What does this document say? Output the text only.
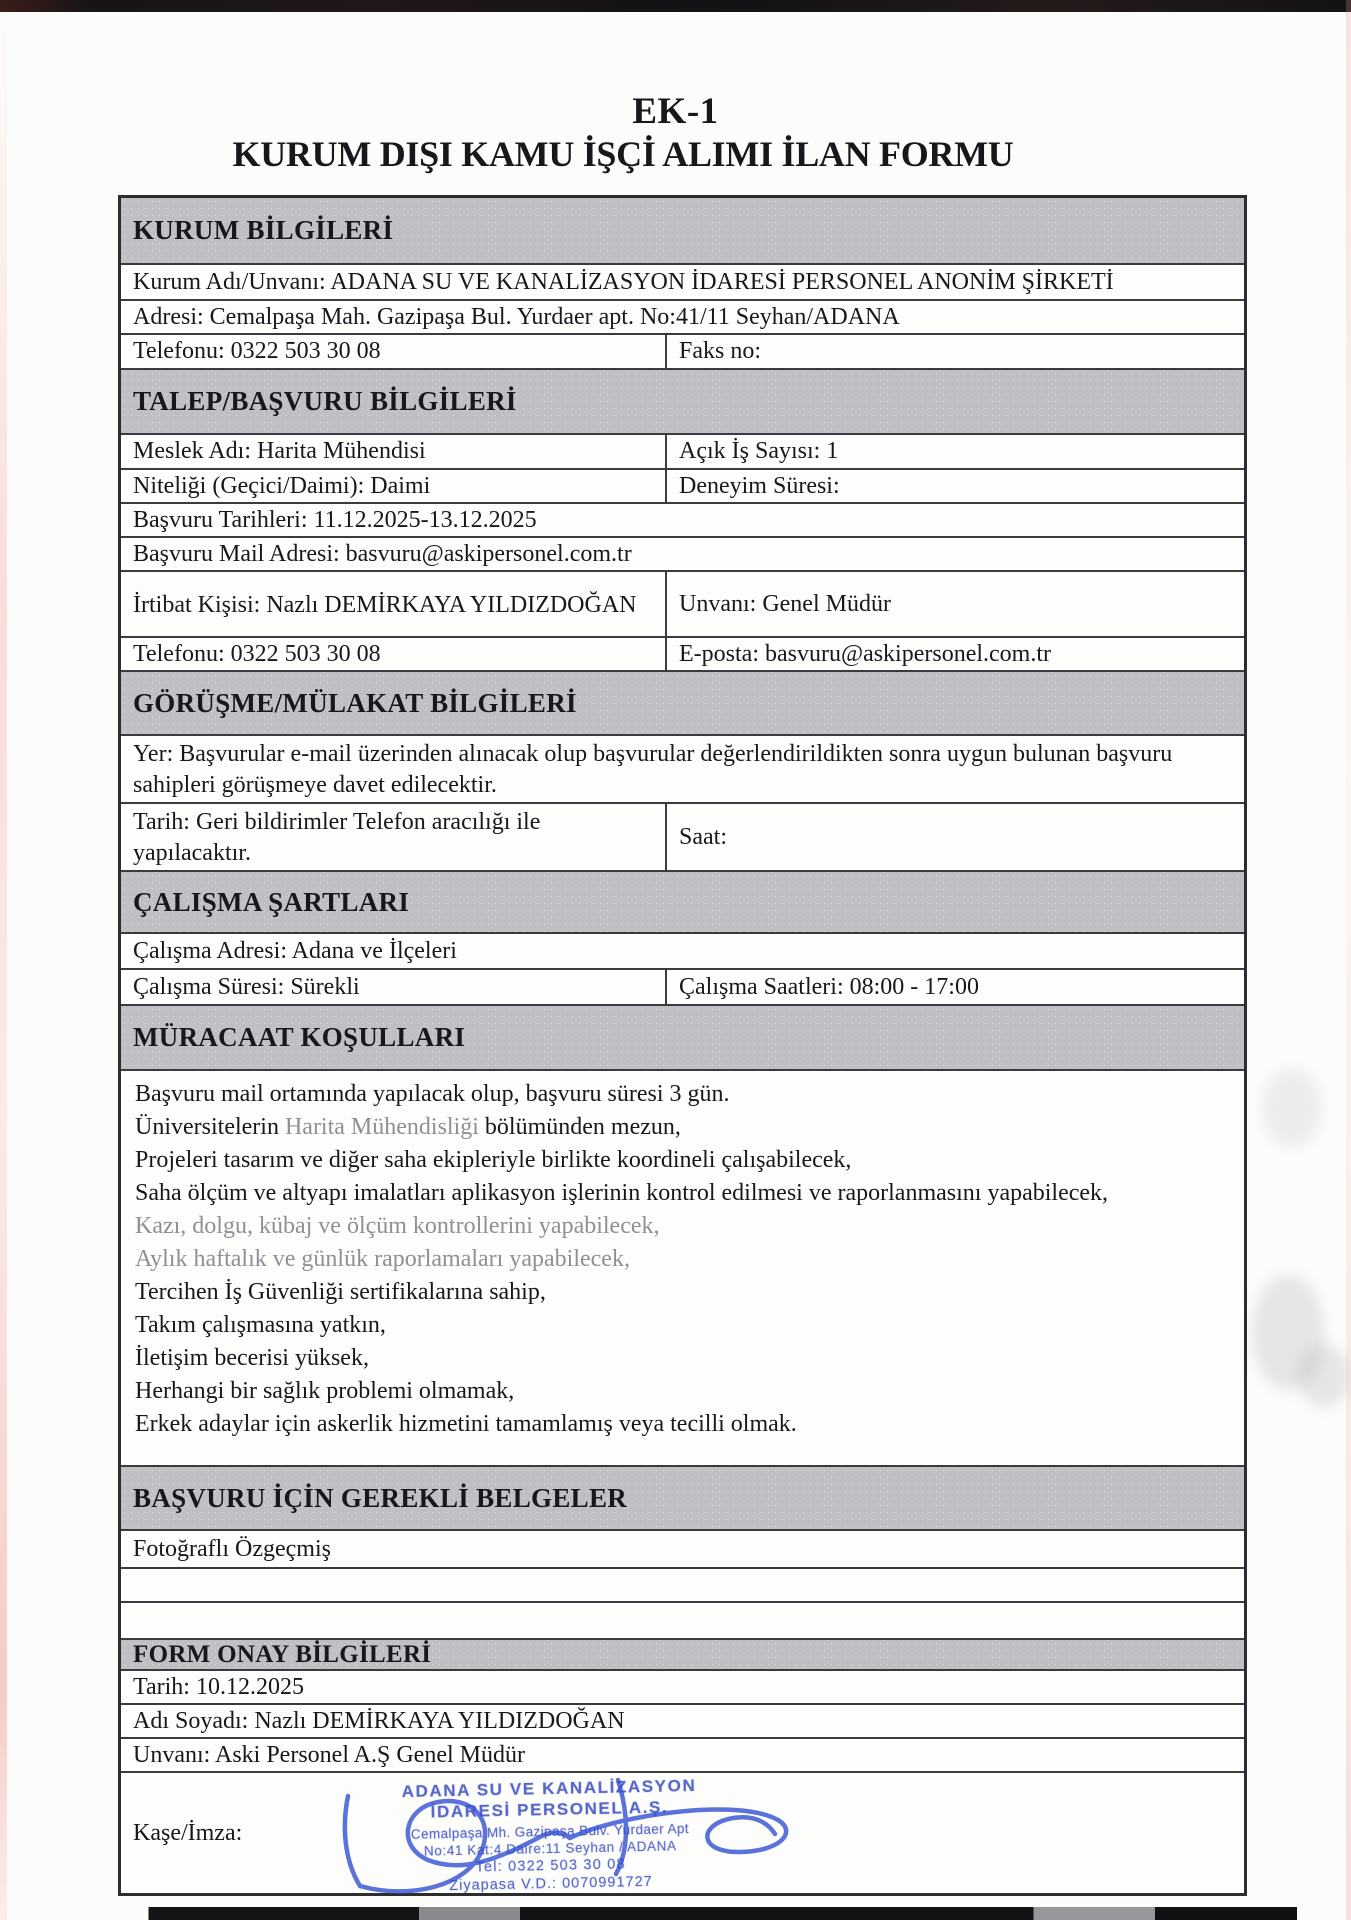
EK-1
KURUM DIŞI KAMU İŞÇİ ALIMI İLAN FORMU
KURUM BİLGİLERİ
Kurum Adı/Unvanı: ADANA SU VE KANALİZASYON İDARESİ PERSONEL ANONİM ŞİRKETİ
Adresi: Cemalpaşa Mah. Gazipaşa Bul. Yurdaer apt. No:41/11 Seyhan/ADANA
Telefonu: 0322 503 30 08	Faks no:
TALEP/BAŞVURU BİLGİLERİ
Meslek Adı: Harita Mühendisi	Açık İş Sayısı: 1
Niteliği (Geçici/Daimi): Daimi	Deneyim Süresi:
Başvuru Tarihleri: 11.12.2025-13.12.2025
Başvuru Mail Adresi: basvuru@askipersonel.com.tr
İrtibat Kişisi: Nazlı DEMİRKAYA YILDIZDOĞAN	Unvanı: Genel Müdür
Telefonu: 0322 503 30 08	E-posta: basvuru@askipersonel.com.tr
GÖRÜŞME/MÜLAKAT BİLGİLERİ
Yer: Başvurular e-mail üzerinden alınacak olup başvurular değerlendirildikten sonra uygun bulunan başvuru sahipleri görüşmeye davet edilecektir.
Tarih: Geri bildirimler Telefon aracılığı ile yapılacaktır.
Saat:
ÇALIŞMA ŞARTLARI
Çalışma Adresi: Adana ve İlçeleri
Çalışma Süresi: Sürekli	Çalışma Saatleri: 08:00 - 17:00
MÜRACAAT KOŞULLARI
Başvuru mail ortamında yapılacak olup, başvuru süresi 3 gün.
Üniversitelerin Harita Mühendisliği bölümünden mezun,
Projeleri tasarım ve diğer saha ekipleriyle birlikte koordineli çalışabilecek,
Saha ölçüm ve altyapı imalatları aplikasyon işlerinin kontrol edilmesi ve raporlanmasını yapabilecek,
Kazı, dolgu, kübaj ve ölçüm kontrollerini yapabilecek,
Aylık haftalık ve günlük raporlamaları yapabilecek,
Tercihen İş Güvenliği sertifikalarına sahip,
Takım çalışmasına yatkın,
İletişim becerisi yüksek,
Herhangi bir sağlık problemi olmamak,
Erkek adaylar için askerlik hizmetini tamamlamış veya tecilli olmak.
BAŞVURU İÇİN GEREKLİ BELGELER
Fotoğraflı Özgeçmiş
FORM ONAY BİLGİLERİ
Tarih: 10.12.2025
Adı Soyadı: Nazlı DEMİRKAYA YILDIZDOĞAN
Unvanı: Aski Personel A.Ş Genel Müdür
Kaşe/İmza:
ADANA SU VE KANALİZASYON
İDARESİ PERSONEL A.Ş.
Cemalpaşa Mh. Gazipaşa Bulv. Yurdaer Apt
No:41 Kat:4 Daire:11 Seyhan / ADANA
Tel: 0322 503 30 08
Ziyapasa V.D.: 0070991727
